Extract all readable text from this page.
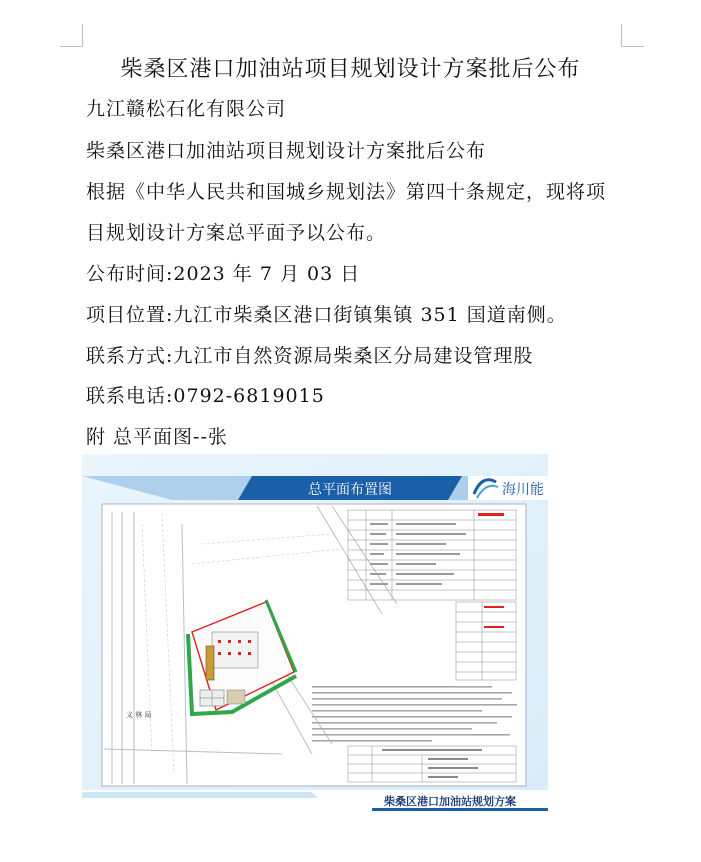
柴桑区港口加油站项目规划设计方案批后公布
九江赣松石化有限公司
柴桑区港口加油站项目规划设计方案批后公布
根据《中华人民共和国城乡规划法》第四十条规定，现将项
目规划设计方案总平面予以公布。
公布时间:2023 年 7 月 03 日
项目位置:九江市柴桑区港口街镇集镇 351 国道南侧。
联系方式:九江市自然资源局柴桑区分局建设管理股
联系电话:0792-6819015
附 总平面图--张
总平面布置图	海川能
义 林 局
柴桑区港口加油站规划方案
